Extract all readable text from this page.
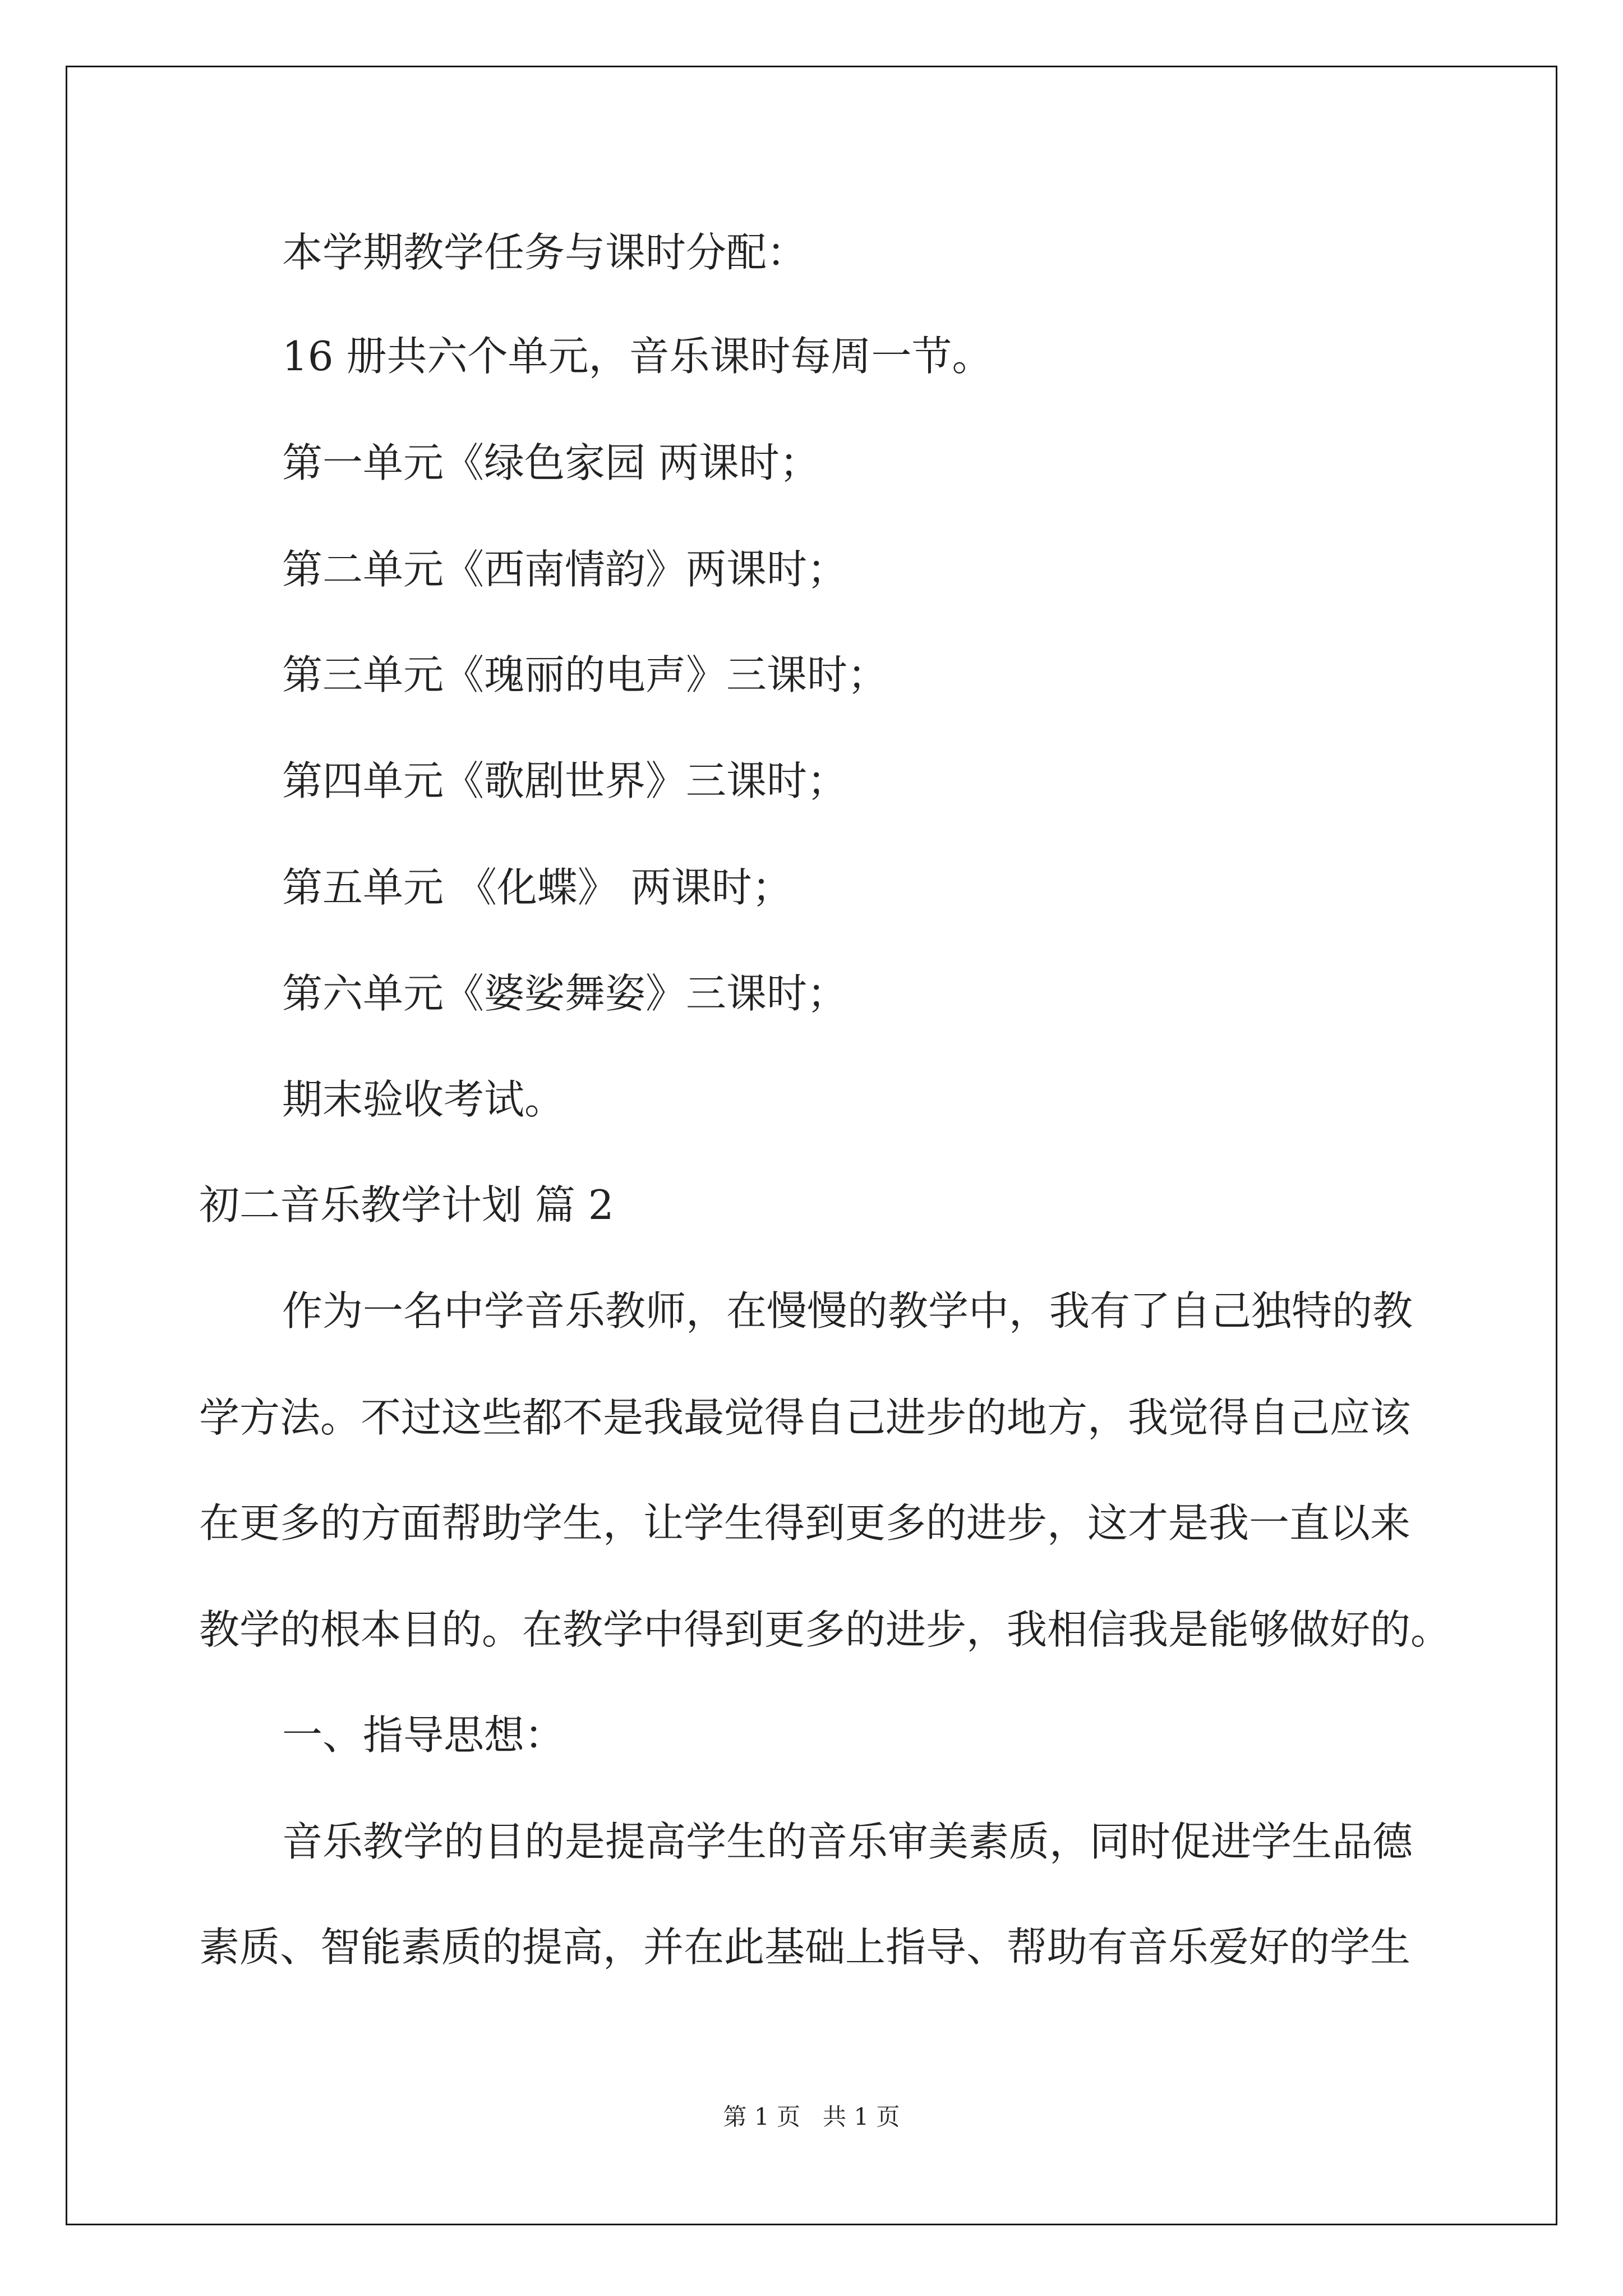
本学期教学任务与课时分配：

16 册共六个单元，音乐课时每周一节。

第一单元《绿色家园 两课时；

第二单元《西南情韵》两课时；

第三单元《瑰丽的电声》三课时；

第四单元《歌剧世界》三课时；

第五单元 《化蝶》 两课时；

第六单元《婆娑舞姿》三课时；

期末验收考试。

初二音乐教学计划 篇 2

作为一名中学音乐教师，在慢慢的教学中，我有了自己独特的教

学方法。不过这些都不是我最觉得自己进步的地方，我觉得自己应该

在更多的方面帮助学生，让学生得到更多的进步，这才是我一直以来

教学的根本目的。在教学中得到更多的进步，我相信我是能够做好的。

一、指导思想：

音乐教学的目的是提高学生的音乐审美素质，同时促进学生品德

素质、智能素质的提高，并在此基础上指导、帮助有音乐爱好的学生

第 1 页   共 1 页
